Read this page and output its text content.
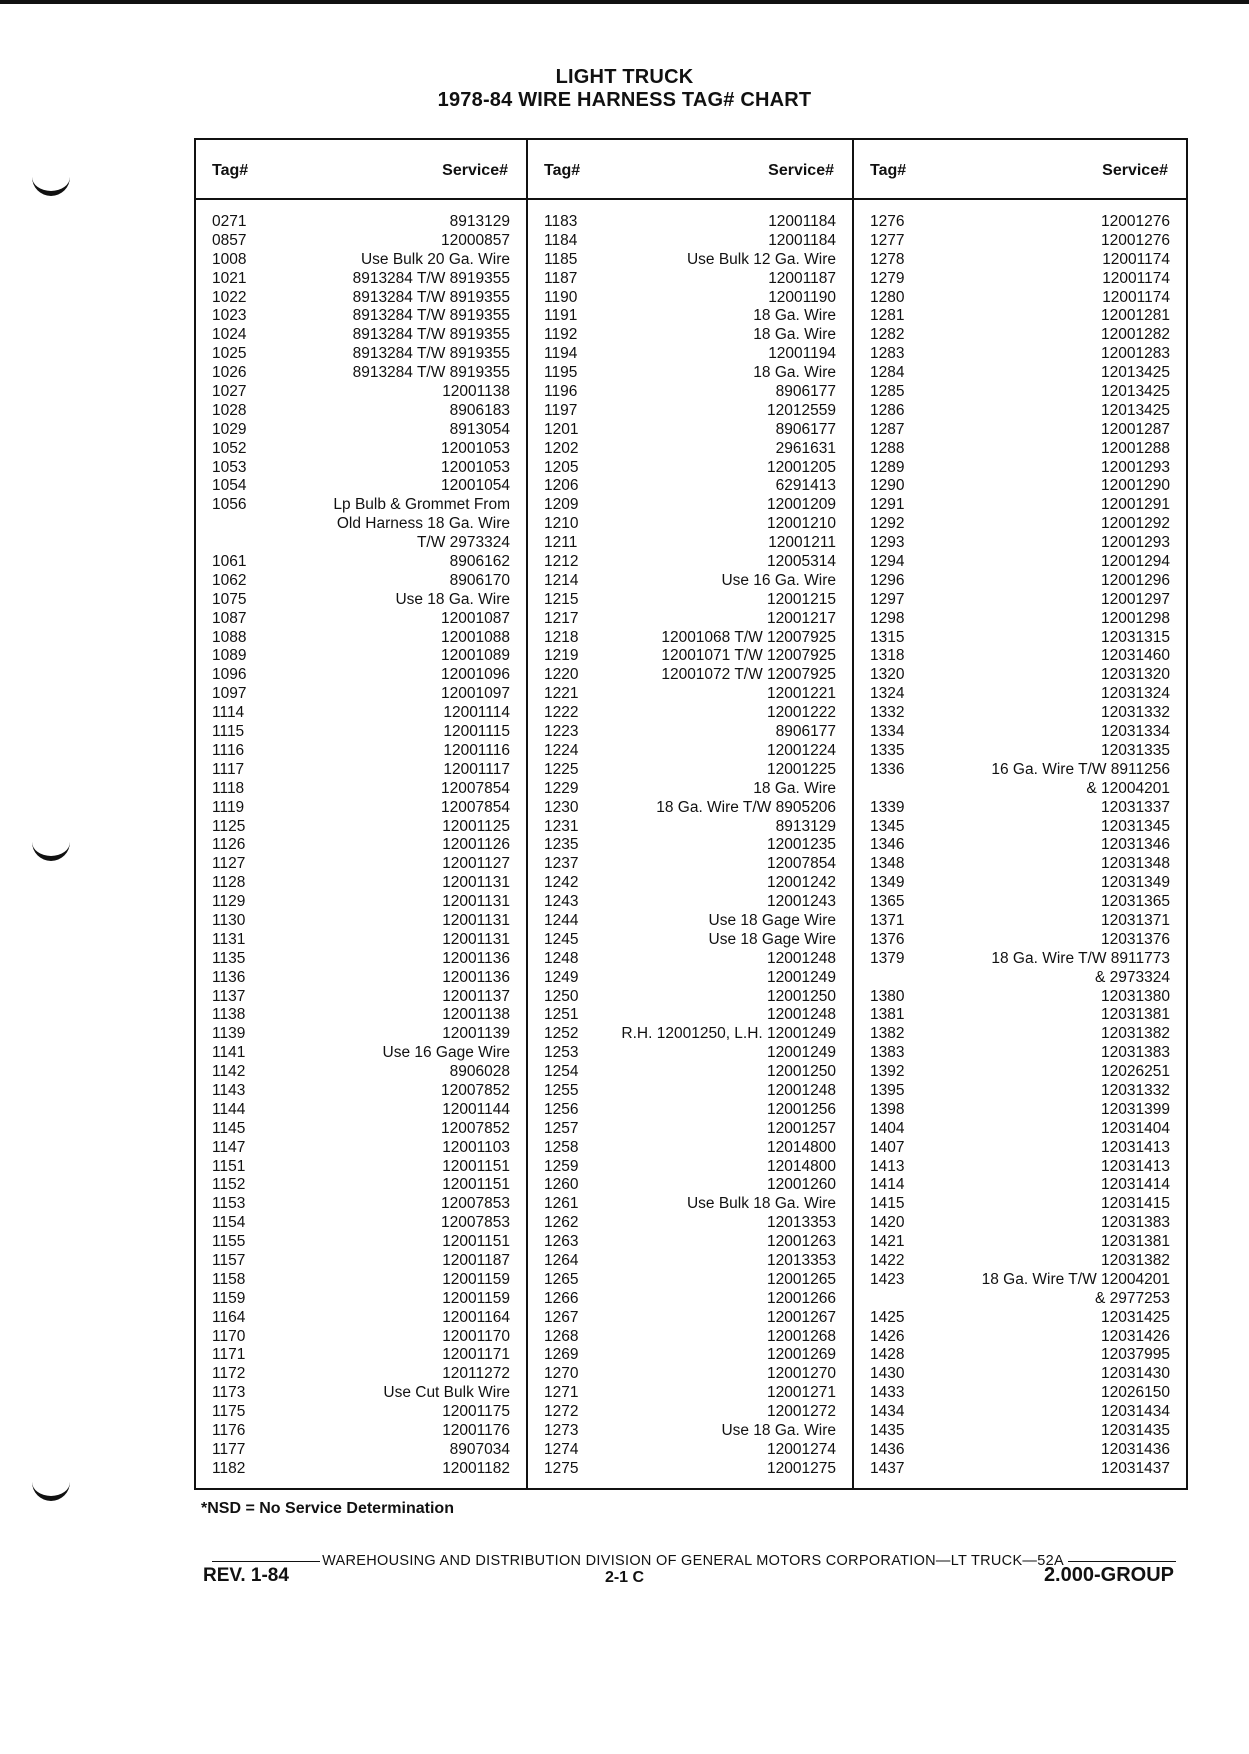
LIGHT TRUCK
1978-84 WIRE HARNESS TAG# CHART
Tag#	Service#
0271	8913129
0857	12000857
1008	Use Bulk 20 Ga. Wire
1021	8913284 T/W 8919355
1022	8913284 T/W 8919355
1023	8913284 T/W 8919355
1024	8913284 T/W 8919355
1025	8913284 T/W 8919355
1026	8913284 T/W 8919355
1027	12001138
1028	8906183
1029	8913054
1052	12001053
1053	12001053
1054	12001054
1056	Lp Bulb & Grommet From
Old Harness 18 Ga. Wire
T/W 2973324
1061	8906162
1062	8906170
1075	Use 18 Ga. Wire
1087	12001087
1088	12001088
1089	12001089
1096	12001096
1097	12001097
1114	12001114
1115	12001115
1116	12001116
1117	12001117
1118	12007854
1119	12007854
1125	12001125
1126	12001126
1127	12001127
1128	12001131
1129	12001131
1130	12001131
1131	12001131
1135	12001136
1136	12001136
1137	12001137
1138	12001138
1139	12001139
1141	Use 16 Gage Wire
1142	8906028
1143	12007852
1144	12001144
1145	12007852
1147	12001103
1151	12001151
1152	12001151
1153	12007853
1154	12007853
1155	12001151
1157	12001187
1158	12001159
1159	12001159
1164	12001164
1170	12001170
1171	12001171
1172	12011272
1173	Use Cut Bulk Wire
1175	12001175
1176	12001176
1177	8907034
1182	12001182
Tag#	Service#
1183	12001184
1184	12001184
1185	Use Bulk 12 Ga. Wire
1187	12001187
1190	12001190
1191	18 Ga. Wire
1192	18 Ga. Wire
1194	12001194
1195	18 Ga. Wire
1196	8906177
1197	12012559
1201	8906177
1202	2961631
1205	12001205
1206	6291413
1209	12001209
1210	12001210
1211	12001211
1212	12005314
1214	Use 16 Ga. Wire
1215	12001215
1217	12001217
1218	12001068 T/W 12007925
1219	12001071 T/W 12007925
1220	12001072 T/W 12007925
1221	12001221
1222	12001222
1223	8906177
1224	12001224
1225	12001225
1229	18 Ga. Wire
1230	18 Ga. Wire T/W 8905206
1231	8913129
1235	12001235
1237	12007854
1242	12001242
1243	12001243
1244	Use 18 Gage Wire
1245	Use 18 Gage Wire
1248	12001248
1249	12001249
1250	12001250
1251	12001248
1252	R.H. 12001250, L.H. 12001249
1253	12001249
1254	12001250
1255	12001248
1256	12001256
1257	12001257
1258	12014800
1259	12014800
1260	12001260
1261	Use Bulk 18 Ga. Wire
1262	12013353
1263	12001263
1264	12013353
1265	12001265
1266	12001266
1267	12001267
1268	12001268
1269	12001269
1270	12001270
1271	12001271
1272	12001272
1273	Use 18 Ga. Wire
1274	12001274
1275	12001275
Tag#	Service#
1276	12001276
1277	12001276
1278	12001174
1279	12001174
1280	12001174
1281	12001281
1282	12001282
1283	12001283
1284	12013425
1285	12013425
1286	12013425
1287	12001287
1288	12001288
1289	12001293
1290	12001290
1291	12001291
1292	12001292
1293	12001293
1294	12001294
1296	12001296
1297	12001297
1298	12001298
1315	12031315
1318	12031460
1320	12031320
1324	12031324
1332	12031332
1334	12031334
1335	12031335
1336	16 Ga. Wire T/W 8911256
& 12004201
1339	12031337
1345	12031345
1346	12031346
1348	12031348
1349	12031349
1365	12031365
1371	12031371
1376	12031376
1379	18 Ga. Wire T/W 8911773
& 2973324
1380	12031380
1381	12031381
1382	12031382
1383	12031383
1392	12026251
1395	12031332
1398	12031399
1404	12031404
1407	12031413
1413	12031413
1414	12031414
1415	12031415
1420	12031383
1421	12031381
1422	12031382
1423	18 Ga. Wire T/W 12004201
& 2977253
1425	12031425
1426	12031426
1428	12037995
1430	12031430
1433	12026150
1434	12031434
1435	12031435
1436	12031436
1437	12031437
*NSD = No Service Determination
WAREHOUSING AND DISTRIBUTION DIVISION OF GENERAL MOTORS CORPORATION—LT TRUCK—52A
REV. 1-84	2-1 C	2.000-GROUP
